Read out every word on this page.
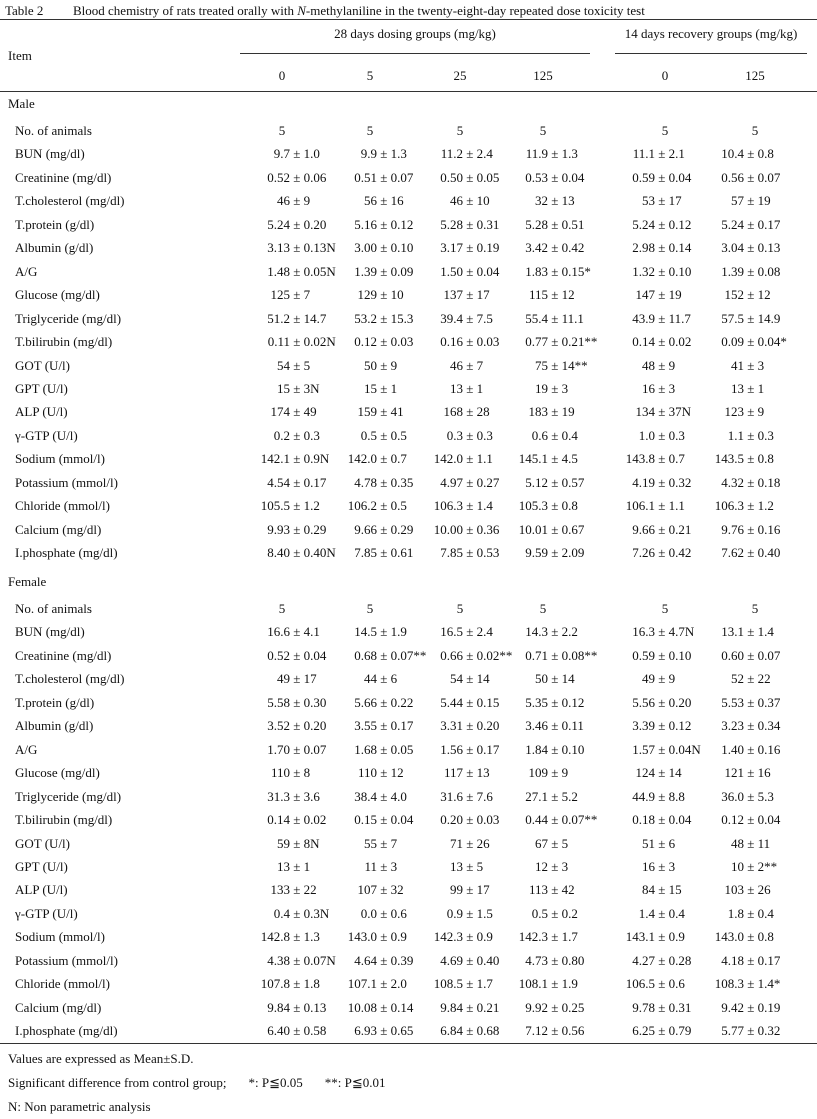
Table 2 Blood chemistry of rats treated orally with N-methylaniline in the twenty-eight-day repeated dose toxicity test
Item
28 days dosing groups (mg/kg)	14 days recovery groups (mg/kg)
0	5	25	125	0	125
Male
No. of animals	5	5	5	5	5	5
BUN (mg/dl)	9.7 ± 1.0	9.9 ± 1.3	11.2 ± 2.4	11.9 ± 1.3	11.1 ± 2.1	10.4 ± 0.8
Creatinine (mg/dl)	0.52 ± 0.06	0.51 ± 0.07	0.50 ± 0.05	0.53 ± 0.04	0.59 ± 0.04	0.56 ± 0.07
T.cholesterol (mg/dl)	46 ± 9	56 ± 16	46 ± 10	32 ± 13	53 ± 17	57 ± 19
T.protein (g/dl)	5.24 ± 0.20	5.16 ± 0.12	5.28 ± 0.31	5.28 ± 0.51	5.24 ± 0.12	5.24 ± 0.17
Albumin (g/dl)	3.13 ± 0.13N	3.00 ± 0.10	3.17 ± 0.19	3.42 ± 0.42	2.98 ± 0.14	3.04 ± 0.13
A/G	1.48 ± 0.05N	1.39 ± 0.09	1.50 ± 0.04	1.83 ± 0.15*	1.32 ± 0.10	1.39 ± 0.08
Glucose (mg/dl)	125 ± 7	129 ± 10	137 ± 17	115 ± 12	147 ± 19	152 ± 12
Triglyceride (mg/dl)	51.2 ± 14.7	53.2 ± 15.3	39.4 ± 7.5	55.4 ± 11.1	43.9 ± 11.7	57.5 ± 14.9
T.bilirubin (mg/dl)	0.11 ± 0.02N	0.12 ± 0.03	0.16 ± 0.03	0.77 ± 0.21**	0.14 ± 0.02	0.09 ± 0.04*
GOT (U/l)	54 ± 5	50 ± 9	46 ± 7	75 ± 14**	48 ± 9	41 ± 3
GPT (U/l)	15 ± 3N	15 ± 1	13 ± 1	19 ± 3	16 ± 3	13 ± 1
ALP (U/l)	174 ± 49	159 ± 41	168 ± 28	183 ± 19	134 ± 37N	123 ± 9
γ-GTP (U/l)	0.2 ± 0.3	0.5 ± 0.5	0.3 ± 0.3	0.6 ± 0.4	1.0 ± 0.3	1.1 ± 0.3
Sodium (mmol/l)	142.1 ± 0.9N	142.0 ± 0.7	142.0 ± 1.1	145.1 ± 4.5	143.8 ± 0.7	143.5 ± 0.8
Potassium (mmol/l)	4.54 ± 0.17	4.78 ± 0.35	4.97 ± 0.27	5.12 ± 0.57	4.19 ± 0.32	4.32 ± 0.18
Chloride (mmol/l)	105.5 ± 1.2	106.2 ± 0.5	106.3 ± 1.4	105.3 ± 0.8	106.1 ± 1.1	106.3 ± 1.2
Calcium (mg/dl)	9.93 ± 0.29	9.66 ± 0.29	10.00 ± 0.36	10.01 ± 0.67	9.66 ± 0.21	9.76 ± 0.16
I.phosphate (mg/dl)	8.40 ± 0.40N	7.85 ± 0.61	7.85 ± 0.53	9.59 ± 2.09	7.26 ± 0.42	7.62 ± 0.40
Female
No. of animals	5	5	5	5	5	5
BUN (mg/dl)	16.6 ± 4.1	14.5 ± 1.9	16.5 ± 2.4	14.3 ± 2.2	16.3 ± 4.7N	13.1 ± 1.4
Creatinine (mg/dl)	0.52 ± 0.04	0.68 ± 0.07**	0.66 ± 0.02** 0.71 ± 0.08**	0.59 ± 0.10	0.60 ± 0.07
T.cholesterol (mg/dl)	49 ± 17	44 ± 6	54 ± 14	50 ± 14	49 ± 9	52 ± 22
T.protein (g/dl)	5.58 ± 0.30	5.66 ± 0.22	5.44 ± 0.15	5.35 ± 0.12	5.56 ± 0.20	5.53 ± 0.37
Albumin (g/dl)	3.52 ± 0.20	3.55 ± 0.17	3.31 ± 0.20	3.46 ± 0.11	3.39 ± 0.12	3.23 ± 0.34
A/G	1.70 ± 0.07	1.68 ± 0.05	1.56 ± 0.17	1.84 ± 0.10	1.57 ± 0.04N	1.40 ± 0.16
Glucose (mg/dl)	110 ± 8	110 ± 12	117 ± 13	109 ± 9	124 ± 14	121 ± 16
Triglyceride (mg/dl)	31.3 ± 3.6	38.4 ± 4.0	31.6 ± 7.6	27.1 ± 5.2	44.9 ± 8.8	36.0 ± 5.3
T.bilirubin (mg/dl)	0.14 ± 0.02	0.15 ± 0.04	0.20 ± 0.03	0.44 ± 0.07**	0.18 ± 0.04	0.12 ± 0.04
GOT (U/l)	59 ± 8N	55 ± 7	71 ± 26	67 ± 5	51 ± 6	48 ± 11
GPT (U/l)	13 ± 1	11 ± 3	13 ± 5	12 ± 3	16 ± 3	10 ± 2**
ALP (U/l)	133 ± 22	107 ± 32	99 ± 17	113 ± 42	84 ± 15	103 ± 26
γ-GTP (U/l)	0.4 ± 0.3N	0.0 ± 0.6	0.9 ± 1.5	0.5 ± 0.2	1.4 ± 0.4	1.8 ± 0.4
Sodium (mmol/l)	142.8 ± 1.3	143.0 ± 0.9	142.3 ± 0.9	142.3 ± 1.7	143.1 ± 0.9	143.0 ± 0.8
Potassium (mmol/l)	4.38 ± 0.07N	4.64 ± 0.39	4.69 ± 0.40	4.73 ± 0.80	4.27 ± 0.28	4.18 ± 0.17
Chloride (mmol/l)	107.8 ± 1.8	107.1 ± 2.0	108.5 ± 1.7	108.1 ± 1.9	106.5 ± 0.6	108.3 ± 1.4*
Calcium (mg/dl)	9.84 ± 0.13	10.08 ± 0.14	9.84 ± 0.21	9.92 ± 0.25	9.78 ± 0.31	9.42 ± 0.19
I.phosphate (mg/dl)	6.40 ± 0.58	6.93 ± 0.65	6.84 ± 0.68	7.12 ± 0.56	6.25 ± 0.79	5.77 ± 0.32
Values are expressed as Mean±S.D.
Significant difference from control group; *: P≦0.05 **: P≦0.01
N: Non parametric analysis
